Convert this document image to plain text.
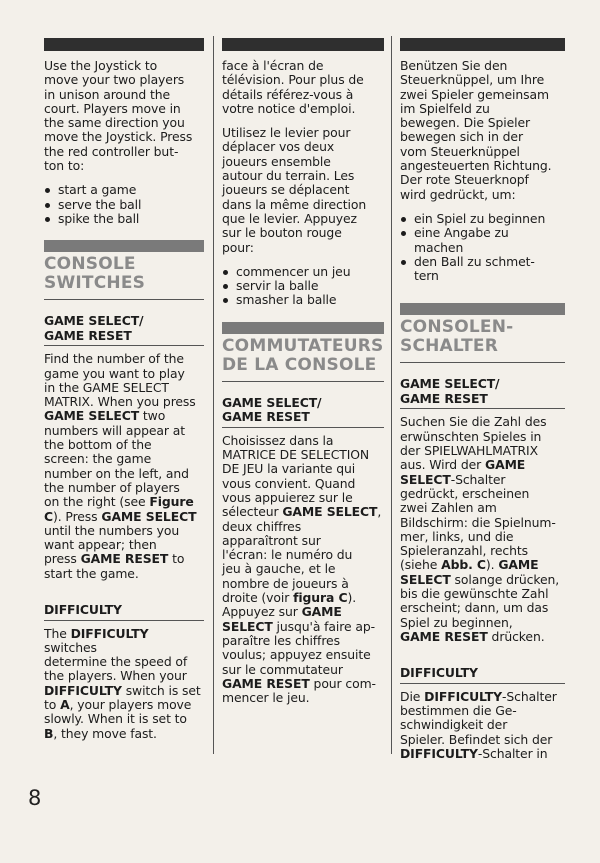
Use the Joystick to
move your two players
in unison around the
court. Players move in
the same direction you
move the Joystick. Press
the red controller but-
ton to:

start a game
serve the ball
spike the ball
CONSOLE
SWITCHES
GAME SELECT/
GAME RESET

Find the number of the
game you want to play
in the GAME SELECT
MATRIX. When you press
GAME SELECT two
numbers will appear at
the bottom of the
screen: the game
number on the left, and
the number of players
on the right (see Figure
C). Press GAME SELECT
until the numbers you
want appear; then
press GAME RESET to
start the game.

DIFFICULTY

The DIFFICULTY switches
determine the speed of
the players. When your
DIFFICULTY switch is set
to A, your players move
slowly. When it is set to
B, they move fast.

face à l'écran de
télévision. Pour plus de
détails référez-vous à
votre notice d'emploi.

Utilisez le levier pour
déplacer vos deux
joueurs ensemble
autour du terrain. Les
joueurs se déplacent
dans la même direction
que le levier. Appuyez
sur le bouton rouge
pour:

commencer un jeu
servir la balle
smasher la balle
COMMUTATEURS
DE LA CONSOLE
GAME SELECT/
GAME RESET

Choisissez dans la
MATRICE DE SELECTION
DE JEU la variante qui
vous convient. Quand
vous appuierez sur le
sélecteur GAME SELECT,
deux chiffres
apparaîtront sur
l'écran: le numéro du
jeu à gauche, et le
nombre de joueurs à
droite (voir figura C).
Appuyez sur GAME
SELECT jusqu'à faire ap-
paraître les chiffres
voulus; appuyez ensuite
sur le commutateur
GAME RESET pour com-
mencer le jeu.

Benützen Sie den
Steuerknüppel, um Ihre
zwei Spieler gemeinsam
im Spielfeld zu
bewegen. Die Spieler
bewegen sich in der
vom Steuerknüppel
angesteuerten Richtung.
Der rote Steuerknopf
wird gedrückt, um:

ein Spiel zu beginnen
eine Angabe zu
machen
den Ball zu schmet-
tern
CONSOLEN-
SCHALTER
GAME SELECT/
GAME RESET

Suchen Sie die Zahl des
erwünschten Spieles in
der SPIELWAHLMATRIX
aus. Wird der GAME
SELECT-Schalter
gedrückt, erscheinen
zwei Zahlen am
Bildschirm: die Spielnum-
mer, links, und die
Spieleranzahl, rechts
(siehe Abb. C). GAME
SELECT solange drücken,
bis die gewünschte Zahl
erscheint; dann, um das
Spiel zu beginnen,
GAME RESET drücken.

DIFFICULTY

Die DIFFICULTY-Schalter
bestimmen die Ge-
schwindigkeit der
Spieler. Befindet sich der
DIFFICULTY-Schalter in

8
